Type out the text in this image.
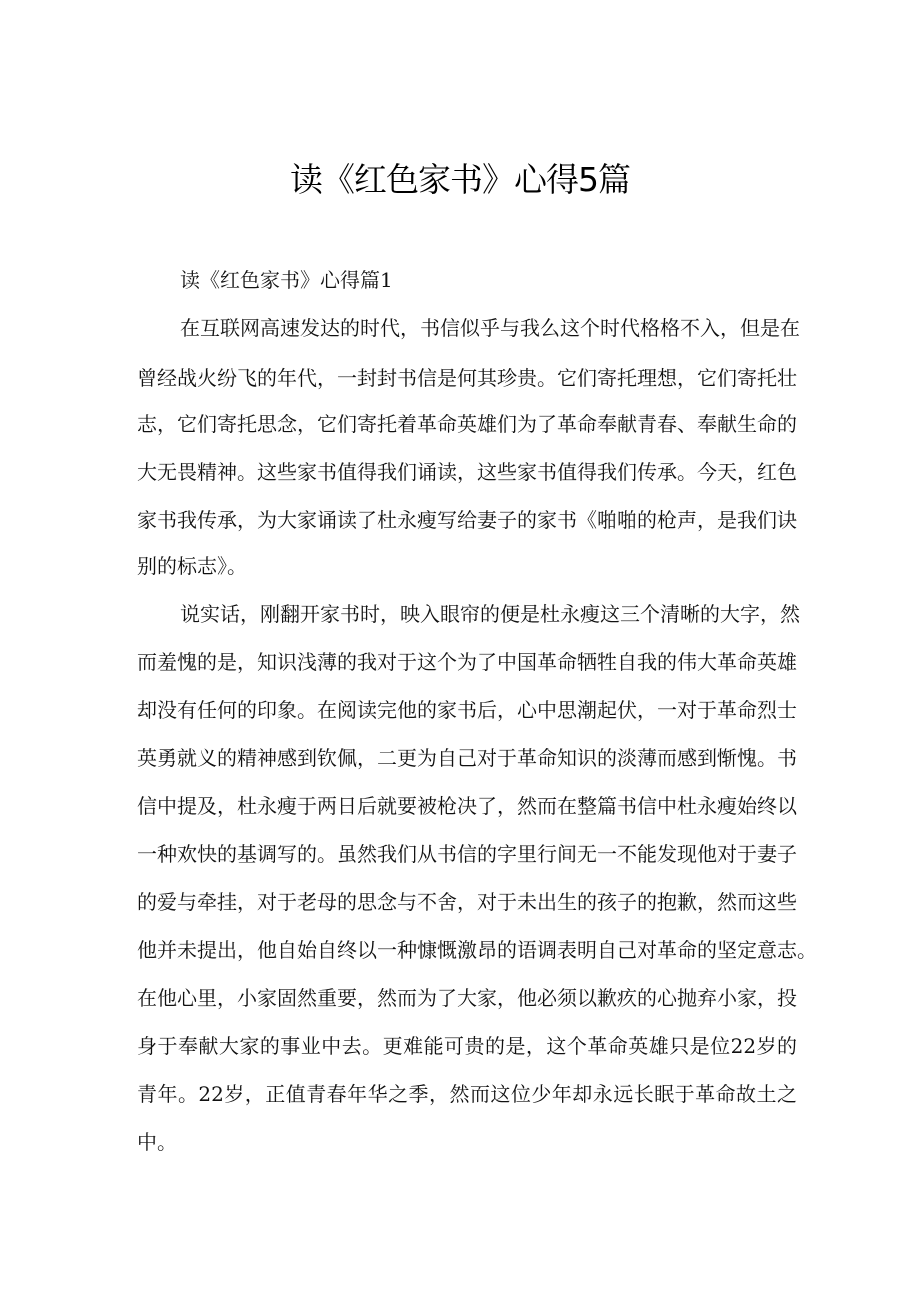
读《红色家书》心得5篇
读《红色家书》心得篇1
在互联网高速发达的时代，书信似乎与我么这个时代格格不入，但是在
曾经战火纷飞的年代，一封封书信是何其珍贵。它们寄托理想，它们寄托壮
志，它们寄托思念，它们寄托着革命英雄们为了革命奉献青春、奉献生命的
大无畏精神。这些家书值得我们诵读，这些家书值得我们传承。今天，红色
家书我传承，为大家诵读了杜永瘦写给妻子的家书《啪啪的枪声，是我们诀
别的标志》。
说实话，刚翻开家书时，映入眼帘的便是杜永瘦这三个清晰的大字，然
而羞愧的是，知识浅薄的我对于这个为了中国革命牺牲自我的伟大革命英雄
却没有任何的印象。在阅读完他的家书后，心中思潮起伏，一对于革命烈士
英勇就义的精神感到钦佩，二更为自己对于革命知识的淡薄而感到惭愧。书
信中提及，杜永瘦于两日后就要被枪决了，然而在整篇书信中杜永瘦始终以
一种欢快的基调写的。虽然我们从书信的字里行间无一不能发现他对于妻子
的爱与牵挂，对于老母的思念与不舍，对于未出生的孩子的抱歉，然而这些
他并未提出，他自始自终以一种慷慨激昂的语调表明自己对革命的坚定意志。
在他心里，小家固然重要，然而为了大家，他必须以歉疚的心抛弃小家，投
身于奉献大家的事业中去。更难能可贵的是，这个革命英雄只是位22岁的
青年。22岁，正值青春年华之季，然而这位少年却永远长眠于革命故土之
中。
